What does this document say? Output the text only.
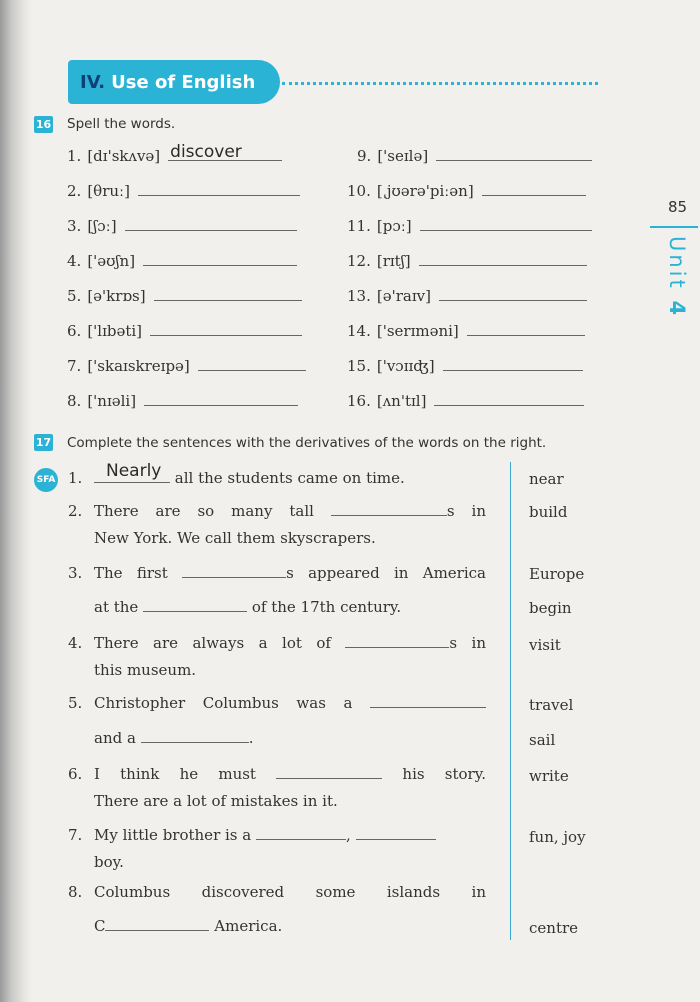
IV. Use of English
85
Unit 4
16 Spell the words.
1. [dɪ'skʌvə] discover
2. [θruː]
3. [ʃɔː]
4. ['əʊʃn]
5. [ə'krɒs]
6. ['lɪbəti]
7. ['skaɪskreɪpə]
8. ['nɪəli]
9. ['seɪlə]
10. [ˌjʊərə'piːən]
11. [pɔː]
12. [rɪtʃ]
13. [ə'raɪv]
14. ['serɪməni]
15. ['vɔɪɪʤ]
16. [ʌn'tɪl]
17 Complete the sentences with the derivatives of the words on the right.
SFA 1. Nearly all the students came on time.	near
2. There are so many tall	s in
New York. We call them skyscrapers.
build
3. The first	s appeared in America
at the	of the 17th century.
Europe
begin
4. There are always a lot of	s in
this museum.
visit
5. Christopher Columbus was a
and a	.
travel
sail
6. I think he must	his story.
There are a lot of mistakes in it.
write
7. My little brother is a	,
boy.
fun, joy
8. Columbus discovered some islands in
C	America.	centre
